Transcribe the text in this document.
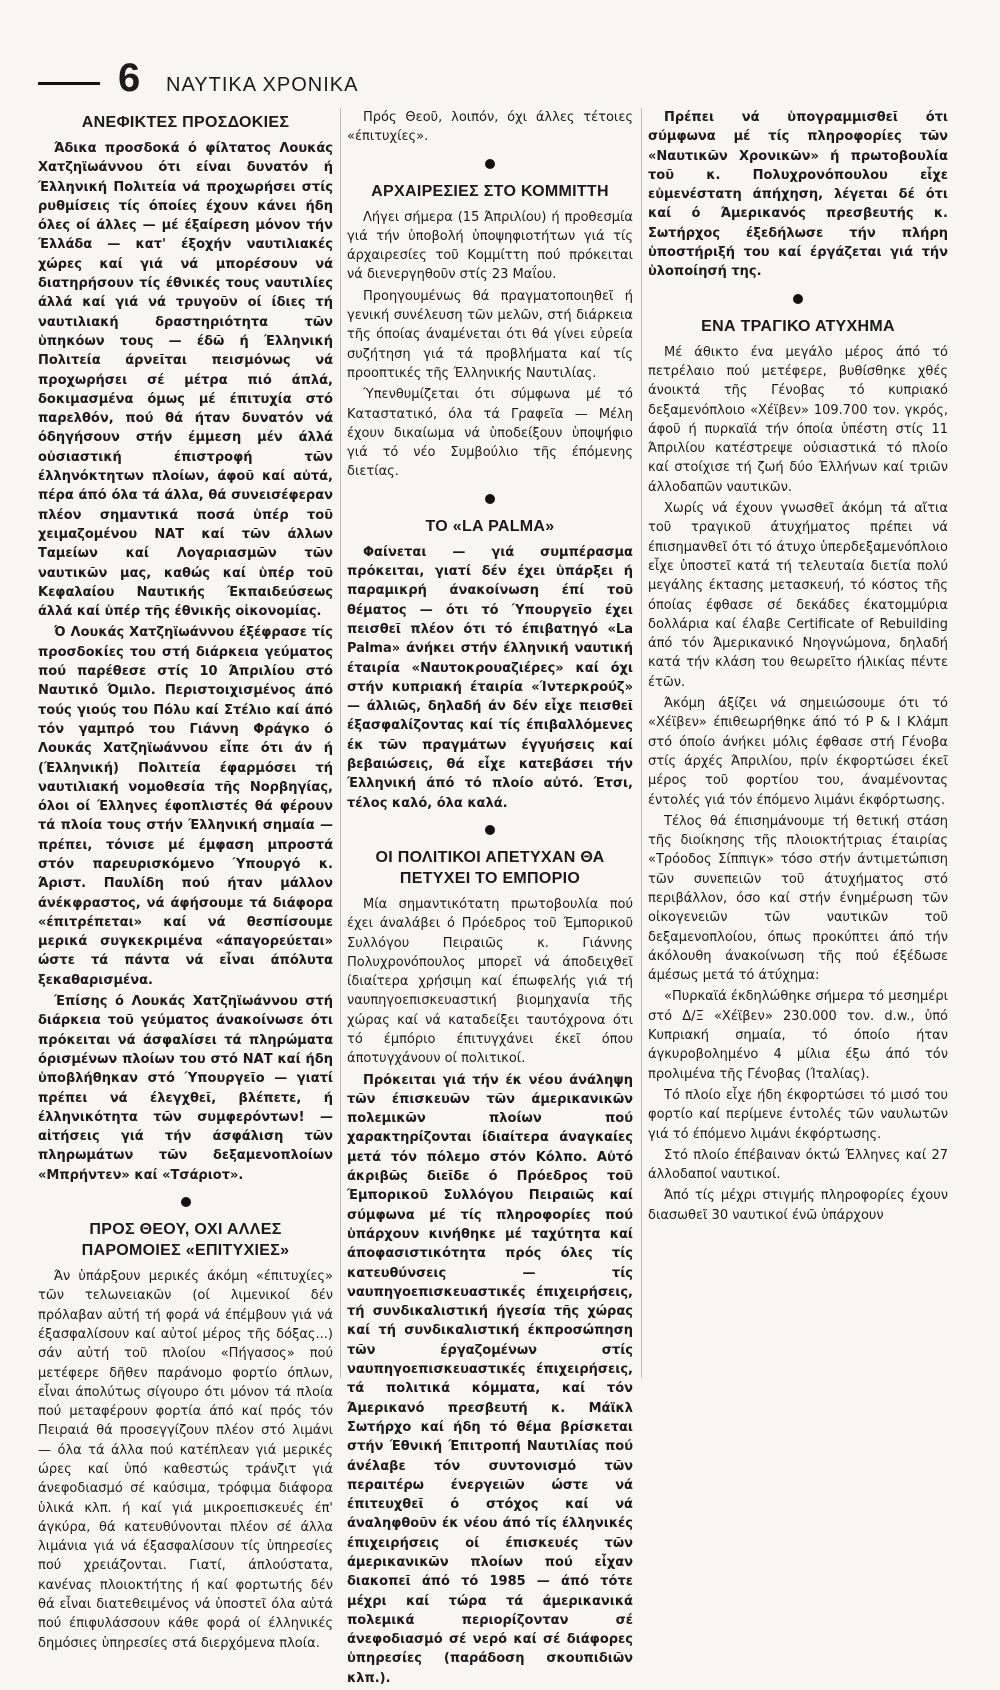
6 ΝΑΥΤΙΚΑ ΧΡΟΝΙΚΑ
ΑΝΕΦΙΚΤΕΣ ΠΡΟΣΔΟΚΙΕΣ

Άδικα προσδοκά ό φίλτατος Λουκάς Χατζηϊωάννου ότι είναι δυνατόν ή Έλληνική Πολιτεία νά προχωρήσει στίς ρυθμίσεις τίς όποίες έχουν κάνει ήδη όλες οί άλλες — μέ έξαίρεση μόνον τήν Έλλάδα — κατ' έξοχήν ναυτιλιακές χώρες καί γιά νά μπορέσουν νά διατηρήσουν τίς έθνικές τους ναυτιλίες άλλά καί γιά νά τρυγοῦν οί ίδιες τή ναυτιλιακή δραστηριότητα τῶν ὑπηκόων τους — έδῶ ή Έλληνική Πολιτεία άρνεῖται πεισμόνως νά προχωρήσει σέ μέτρα πιό άπλά, δοκιμασμένα όμως μέ έπιτυχία στό παρελθόν, πού θά ήταν δυνατόν νά όδηγήσουν στήν έμμεση μέν άλλά οὐσιαστική έπιστροφή τῶν έλληνόκτητων πλοίων, άφοῦ καί αὐτά, πέρα άπό όλα τά άλλα, θά συνεισέφεραν πλέον σημαντικά ποσά ὑπέρ τοῦ χειμαζομένου ΝΑΤ καί τῶν άλλων Ταμείων καί Λογαριασμῶν τῶν ναυτικῶν μας, καθώς καί ὑπέρ τοῦ Κεφαλαίου Ναυτικής Έκπαιδεύσεως άλλά καί ὑπέρ τῆς έθνικῆς οἰκονομίας.

Ό Λουκάς Χατζηϊωάννου έξέφρασε τίς προσδοκίες του στή διάρκεια γεύματος πού παρέθεσε στίς 10 Άπριλίου στό Ναυτικό Όμιλο. Περιστοιχισμένος άπό τούς γιούς του Πόλυ καί Στέλιο καί άπό τόν γαμπρό του Γιάννη Φράγκο ό Λουκάς Χατζηϊωάννου εἶπε ότι άν ή (Έλληνική) Πολιτεία έφαρμόσει τή ναυτιλιακή νομοθεσία τῆς Νορβηγίας, όλοι οί Έλληνες έφοπλιστές θά φέρουν τά πλοία τους στήν Έλληνική σημαία — πρέπει, τόνισε μέ έμφαση μπροστά στόν παρευρισκόμενο Ύπουργό κ. Άριστ. Παυλίδη πού ήταν μάλλον άνέκφραστος, νά άφήσουμε τά διάφορα «έπιτρέπεται» καί νά θεσπίσουμε μερικά συγκεκριμένα «άπαγορεύεται» ώστε τά πάντα νά εἶναι άπόλυτα ξεκαθαρισμένα.

Έπίσης ό Λουκάς Χατζηϊωάννου στή διάρκεια τοῦ γεύματος άνακοίνωσε ότι πρόκειται νά άσφαλίσει τά πληρώματα όρισμένων πλοίων του στό ΝΑΤ καί ήδη ὑποβλήθηκαν στό Ύπουργεῖο — γιατί πρέπει νά έλεγχθεῖ, βλέπετε, ή έλληνικότητα τῶν συμφερόντων! — αἰτήσεις γιά τήν άσφάλιση τῶν πληρωμάτων τῶν δεξαμενοπλοίων «Μπρήντεν» καί «Τσάριοτ».

ΠΡΟΣ ΘΕΟΥ, ΟΧΙ ΑΛΛΕΣ ΠΑΡΟΜΟΙΕΣ «ΕΠΙΤΥΧΙΕΣ»

Άν ὑπάρξουν μερικές άκόμη «έπιτυχίες» τῶν τελωνειακῶν (οί λιμενικοί δέν πρόλαβαν αὐτή τή φορά νά έπέμβουν γιά νά έξασφαλίσουν καί αὐτοί μέρος τῆς δόξας...) σάν αὐτή τοῦ πλοίου «Πήγασος» πού μετέφερε δῆθεν παράνομο φορτίο όπλων, εἶναι άπολύτως σίγουρο ότι μόνον τά πλοία πού μεταφέρουν φορτία άπό καί πρός τόν Πειραιά θά προσεγγίζουν πλέον στό λιμάνι — όλα τά άλλα πού κατέπλεαν γιά μερικές ώρες καί ὑπό καθεστώς τράνζιτ γιά άνεφοδιασμό σέ καύσιμα, τρόφιμα διάφορα ὑλικά κλπ. ή καί γιά μικροεπισκευές έπ' άγκύρα, θά κατευθύνονται πλέον σέ άλλα λιμάνια γιά νά έξασφαλίσουν τίς ὑπηρεσίες πού χρειάζονται. Γιατί, άπλούστατα, κανένας πλοιοκτήτης ή καί φορτωτής δέν θά εἶναι διατεθειμένος νά ὑποστεῖ όλα αὐτά πού έπιφυλάσσουν κάθε φορά οί έλληνικές δημόσιες ὑπηρεσίες στά διερχόμενα πλοία.

Πρός Θεοῦ, λοιπόν, όχι άλλες τέτοιες «έπιτυχίες».

ΑΡΧΑΙΡΕΣΙΕΣ ΣΤΟ ΚΟΜΜΙΤΤΗ

Λήγει σήμερα (15 Άπριλίου) ή προθεσμία γιά τήν ὑποβολή ὑποψηφιοτήτων γιά τίς άρχαιρεσίες τοῦ Κομμίττη πού πρόκειται νά διενεργηθοῦν στίς 23 Μαΐου.

Προηγουμένως θά πραγματοποιηθεῖ ή γενική συνέλευση τῶν μελῶν, στή διάρκεια τῆς όποίας άναμένεται ότι θά γίνει εὐρεία συζήτηση γιά τά προβλήματα καί τίς προοπτικές τῆς Έλληνικής Ναυτιλίας.

Ύπενθυμίζεται ότι σύμφωνα μέ τό Καταστατικό, όλα τά Γραφεῖα — Μέλη έχουν δικαίωμα νά ὑποδείξουν ὑποψήφιο γιά τό νέο Συμβούλιο τῆς έπόμενης διετίας.

ΤΟ «LA PALMA»

Φαίνεται — γιά συμπέρασμα πρόκειται, γιατί δέν έχει ὑπάρξει ή παραμικρή άνακοίνωση έπί τοῦ θέματος — ότι τό Ύπουργεῖο έχει πεισθεῖ πλέον ότι τό έπιβατηγό «La Palma» άνήκει στήν έλληνική ναυτική έταιρία «Ναυτοκρουαζιέρες» καί όχι στήν κυπριακή έταιρία «Ίντερκρούζ» — άλλιῶς, δηλαδή άν δέν εἶχε πεισθεῖ έξασφαλίζοντας καί τίς έπιβαλλόμενες έκ τῶν πραγμάτων έγγυήσεις καί βεβαιώσεις, θά εἶχε κατεβάσει τήν Έλληνική άπό τό πλοίο αὐτό. Έτσι, τέλος καλό, όλα καλά.

ΟΙ ΠΟΛΙΤΙΚΟΙ ΑΠΕΤΥΧΑΝ ΘΑ ΠΕΤΥΧΕΙ ΤΟ ΕΜΠΟΡΙΟ

Μία σημαντικότατη πρωτοβουλία πού έχει άναλάβει ό Πρόεδρος τοῦ Έμπορικοῦ Συλλόγου Πειραιῶς κ. Γιάννης Πολυχρονόπουλος μπορεῖ νά άποδειχθεῖ ίδιαίτερα χρήσιμη καί έπωφελής γιά τή ναυπηγοεπισκευαστική βιομηχανία τῆς χώρας καί νά καταδείξει ταυτόχρονα ότι τό έμπόριο έπιτυγχάνει έκεῖ όπου άποτυγχάνουν οί πολιτικοί.

Πρόκειται γιά τήν έκ νέου άνάληψη τῶν έπισκευῶν τῶν άμερικανικῶν πολεμικῶν πλοίων πού χαρακτηρίζονται ίδιαίτερα άναγκαίες μετά τόν πόλεμο στόν Κόλπο. Αὐτό άκριβῶς διεῖδε ό Πρόεδρος τοῦ Έμπορικοῦ Συλλόγου Πειραιῶς καί σύμφωνα μέ τίς πληροφορίες πού ὑπάρχουν κινήθηκε μέ ταχύτητα καί άποφασιστικότητα πρός όλες τίς κατευθύνσεις — τίς ναυπηγοεπισκευαστικές έπιχειρήσεις, τή συνδικαλιστική ήγεσία τῆς χώρας καί τή συνδικαλιστική έκπροσώπηση τῶν έργαζομένων στίς ναυπηγοεπισκευαστικές έπιχειρήσεις, τά πολιτικά κόμματα, καί τόν Άμερικανό πρεσβευτή κ. Μάϊκλ Σωτήρχο καί ήδη τό θέμα βρίσκεται στήν Έθνική Έπιτροπή Ναυτιλίας πού άνέλαβε τόν συντονισμό τῶν περαιτέρω ένεργειῶν ώστε νά έπιτευχθεῖ ό στόχος καί νά άναληφθοῦν έκ νέου άπό τίς έλληνικές έπιχειρήσεις οί έπισκευές τῶν άμερικανικῶν πλοίων πού εἶχαν διακοπεῖ άπό τό 1985 — άπό τότε μέχρι καί τώρα τά άμερικανικά πολεμικά περιορίζονταν σέ άνεφοδιασμό σέ νερό καί σέ διάφορες ὑπηρεσίες (παράδοση σκουπιδιῶν κλπ.).

Πρέπει νά ὑπογραμμισθεῖ ότι σύμφωνα μέ τίς πληροφορίες τῶν «Ναυτικῶν Χρονικῶν» ή πρωτοβουλία τοῦ κ. Πολυχρονόπουλου εἶχε εὐμενέστατη άπήχηση, λέγεται δέ ότι καί ό Άμερικανός πρεσβευτής κ. Σωτήρχος έξεδήλωσε τήν πλήρη ὑποστήριξή του καί έργάζεται γιά τήν ὑλοποίησή της.

ΕΝΑ ΤΡΑΓΙΚΟ ΑΤΥΧΗΜΑ

Μέ άθικτο ένα μεγάλο μέρος άπό τό πετρέλαιο πού μετέφερε, βυθίσθηκε χθές άνοικτά τῆς Γένοβας τό κυπριακό δεξαμενόπλοιο «Χέϊβεν» 109.700 τον. γκρός, άφοῦ ή πυρκαϊά τήν όποία ὑπέστη στίς 11 Άπριλίου κατέστρεψε οὐσιαστικά τό πλοίο καί στοίχισε τή ζωή δύο Έλλήνων καί τριῶν άλλοδαπῶν ναυτικῶν.

Χωρίς νά έχουν γνωσθεῖ άκόμη τά αἴτια τοῦ τραγικοῦ άτυχήματος πρέπει νά έπισημανθεῖ ότι τό άτυχο ὑπερδεξαμενόπλοιο εἶχε ὑποστεῖ κατά τή τελευταία διετία πολύ μεγάλης έκτασης μετασκευή, τό κόστος τῆς όποίας έφθασε σέ δεκάδες έκατομμύρια δολλάρια καί έλαβε Certificate of Rebuilding άπό τόν Άμερικανικό Νηογνώμονα, δηλαδή κατά τήν κλάση του θεωρεῖτο ήλικίας πέντε έτῶν.

Άκόμη άξίζει νά σημειώσουμε ότι τό «Χέϊβεν» έπιθεωρήθηκε άπό τό P & I Κλάμπ στό όποίο άνήκει μόλις έφθασε στή Γένοβα στίς άρχές Άπριλίου, πρίν έκφορτώσει έκεῖ μέρος τοῦ φορτίου του, άναμένοντας έντολές γιά τόν έπόμενο λιμάνι έκφόρτωσης.

Τέλος θά έπισημάνουμε τή θετική στάση τῆς διοίκησης τῆς πλοιοκτήτριας έταιρίας «Τρόοδος Σίππιγκ» τόσο στήν άντιμετώπιση τῶν συνεπειῶν τοῦ άτυχήματος στό περιβάλλον, όσο καί στήν ένημέρωση τῶν οἰκογενειῶν τῶν ναυτικῶν τοῦ δεξαμενοπλοίου, όπως προκύπτει άπό τήν άκόλουθη άνακοίνωση τῆς πού έξέδωσε άμέσως μετά τό άτύχημα:

«Πυρκαϊά έκδηλώθηκε σήμερα τό μεσημέρι στό Δ/Ξ «Χέϊβεν» 230.000 τον. d.w., ὑπό Κυπριακή σημαία, τό όποίο ήταν άγκυροβολημένο 4 μίλια έξω άπό τόν προλιμένα τῆς Γένοβας (Ίταλίας).

Τό πλοίο εἶχε ήδη έκφορτώσει τό μισό του φορτίο καί περίμενε έντολές τῶν ναυλωτῶν γιά τό έπόμενο λιμάνι έκφόρτωσης.

Στό πλοίο έπέβαιναν όκτώ Έλληνες καί 27 άλλοδαποί ναυτικοί.

Άπό τίς μέχρι στιγμής πληροφορίες έχουν διασωθεῖ 30 ναυτικοί ένῶ ὑπάρχουν
